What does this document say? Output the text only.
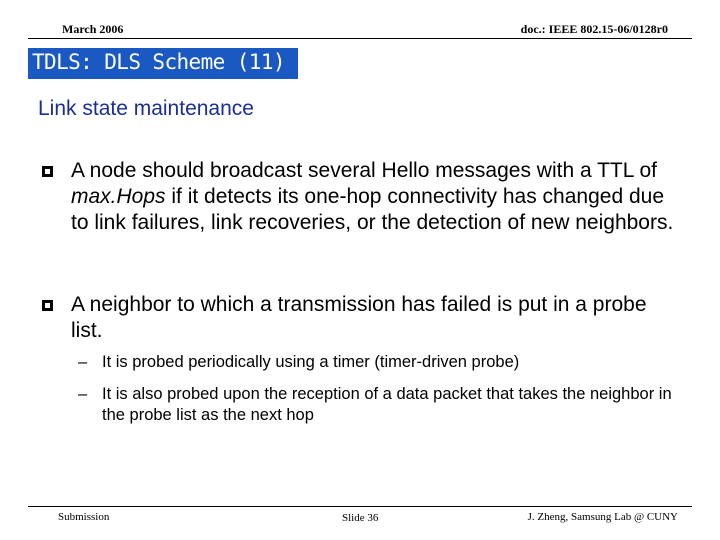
March 2006	doc.: IEEE 802.15-06/0128r0
TDLS: DLS Scheme (11)
Link state maintenance
A node should broadcast several Hello messages with a TTL of max.Hops if it detects its one-hop connectivity has changed due to link failures, link recoveries, or the detection of new neighbors.
A neighbor to which a transmission has failed is put in a probe list.
– It is probed periodically using a timer (timer-driven probe)
– It is also probed upon the reception of a data packet that takes the neighbor in the probe list as the next hop
Submission	Slide 36	J. Zheng, Samsung Lab @ CUNY
